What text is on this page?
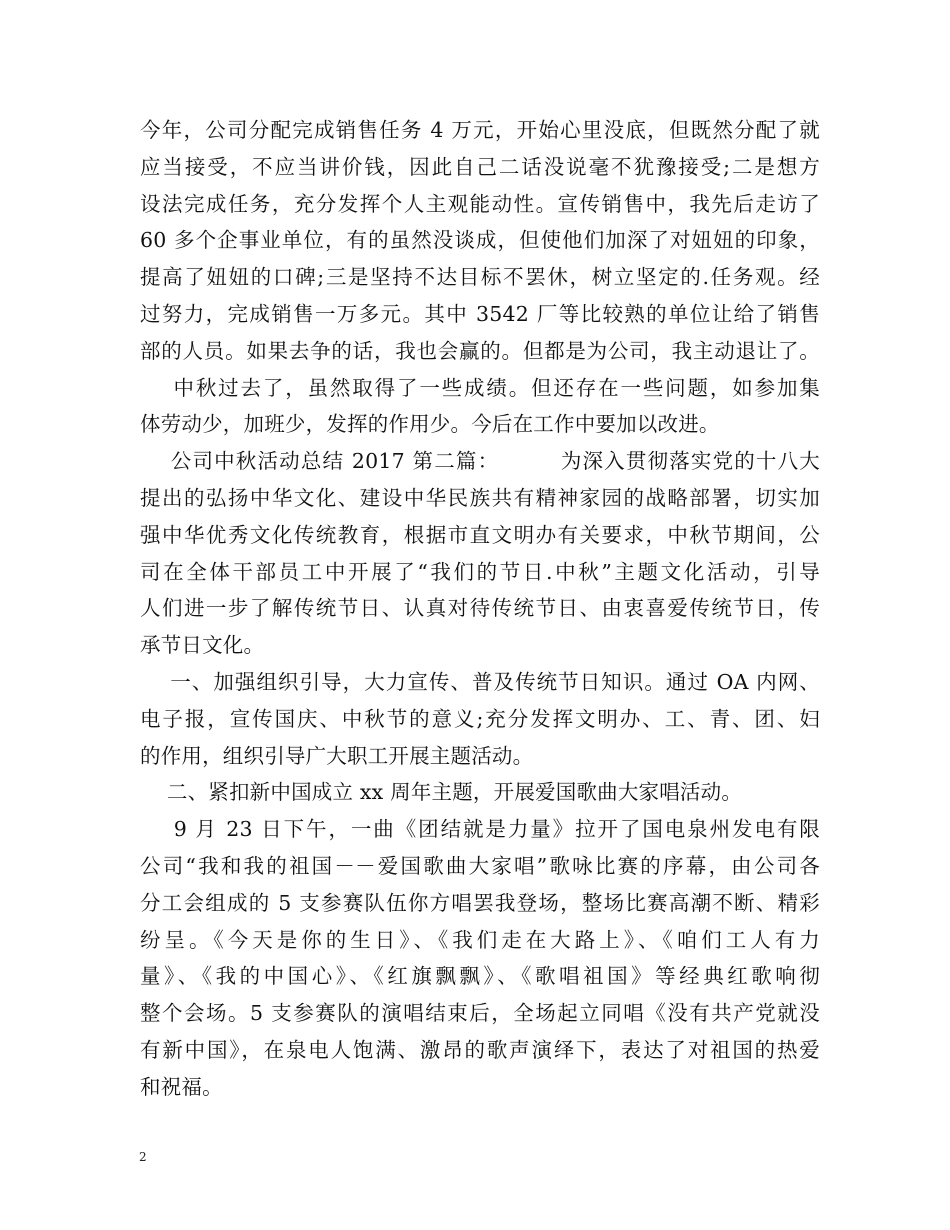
今年，公司分配完成销售任务 4 万元，开始心里没底，但既然分配了就
应当接受，不应当讲价钱，因此自己二话没说毫不犹豫接受;二是想方
设法完成任务，充分发挥个人主观能动性。宣传销售中，我先后走访了
60 多个企事业单位，有的虽然没谈成，但使他们加深了对妞妞的印象，
提高了妞妞的口碑;三是坚持不达目标不罢休，树立坚定的.任务观。经
过努力，完成销售一万多元。其中 3542 厂等比较熟的单位让给了销售
部的人员。如果去争的话，我也会赢的。但都是为公司，我主动退让了。
中秋过去了，虽然取得了一些成绩。但还存在一些问题，如参加集
体劳动少，加班少，发挥的作用少。今后在工作中要加以改进。
公司中秋活动总结 2017 第二篇：        为深入贯彻落实党的十八大
提出的弘扬中华文化、建设中华民族共有精神家园的战略部署，切实加
强中华优秀文化传统教育，根据市直文明办有关要求，中秋节期间，公
司在全体干部员工中开展了“我们的节日.中秋”主题文化活动，引导
人们进一步了解传统节日、认真对待传统节日、由衷喜爱传统节日，传
承节日文化。
一、加强组织引导，大力宣传、普及传统节日知识。通过 OA 内网、
电子报，宣传国庆、中秋节的意义;充分发挥文明办、工、青、团、妇
的作用，组织引导广大职工开展主题活动。
二、紧扣新中国成立 xx 周年主题，开展爱国歌曲大家唱活动。
9 月 23 日下午，一曲《团结就是力量》拉开了国电泉州发电有限
公司“我和我的祖国－－爱国歌曲大家唱”歌咏比赛的序幕，由公司各
分工会组成的 5 支参赛队伍你方唱罢我登场，整场比赛高潮不断、精彩
纷呈。《今天是你的生日》、《我们走在大路上》、《咱们工人有力
量》、《我的中国心》、《红旗飘飘》、《歌唱祖国》等经典红歌响彻
整个会场。5 支参赛队的演唱结束后，全场起立同唱《没有共产党就没
有新中国》，在泉电人饱满、激昂的歌声演绎下，表达了对祖国的热爱
和祝福。
2
